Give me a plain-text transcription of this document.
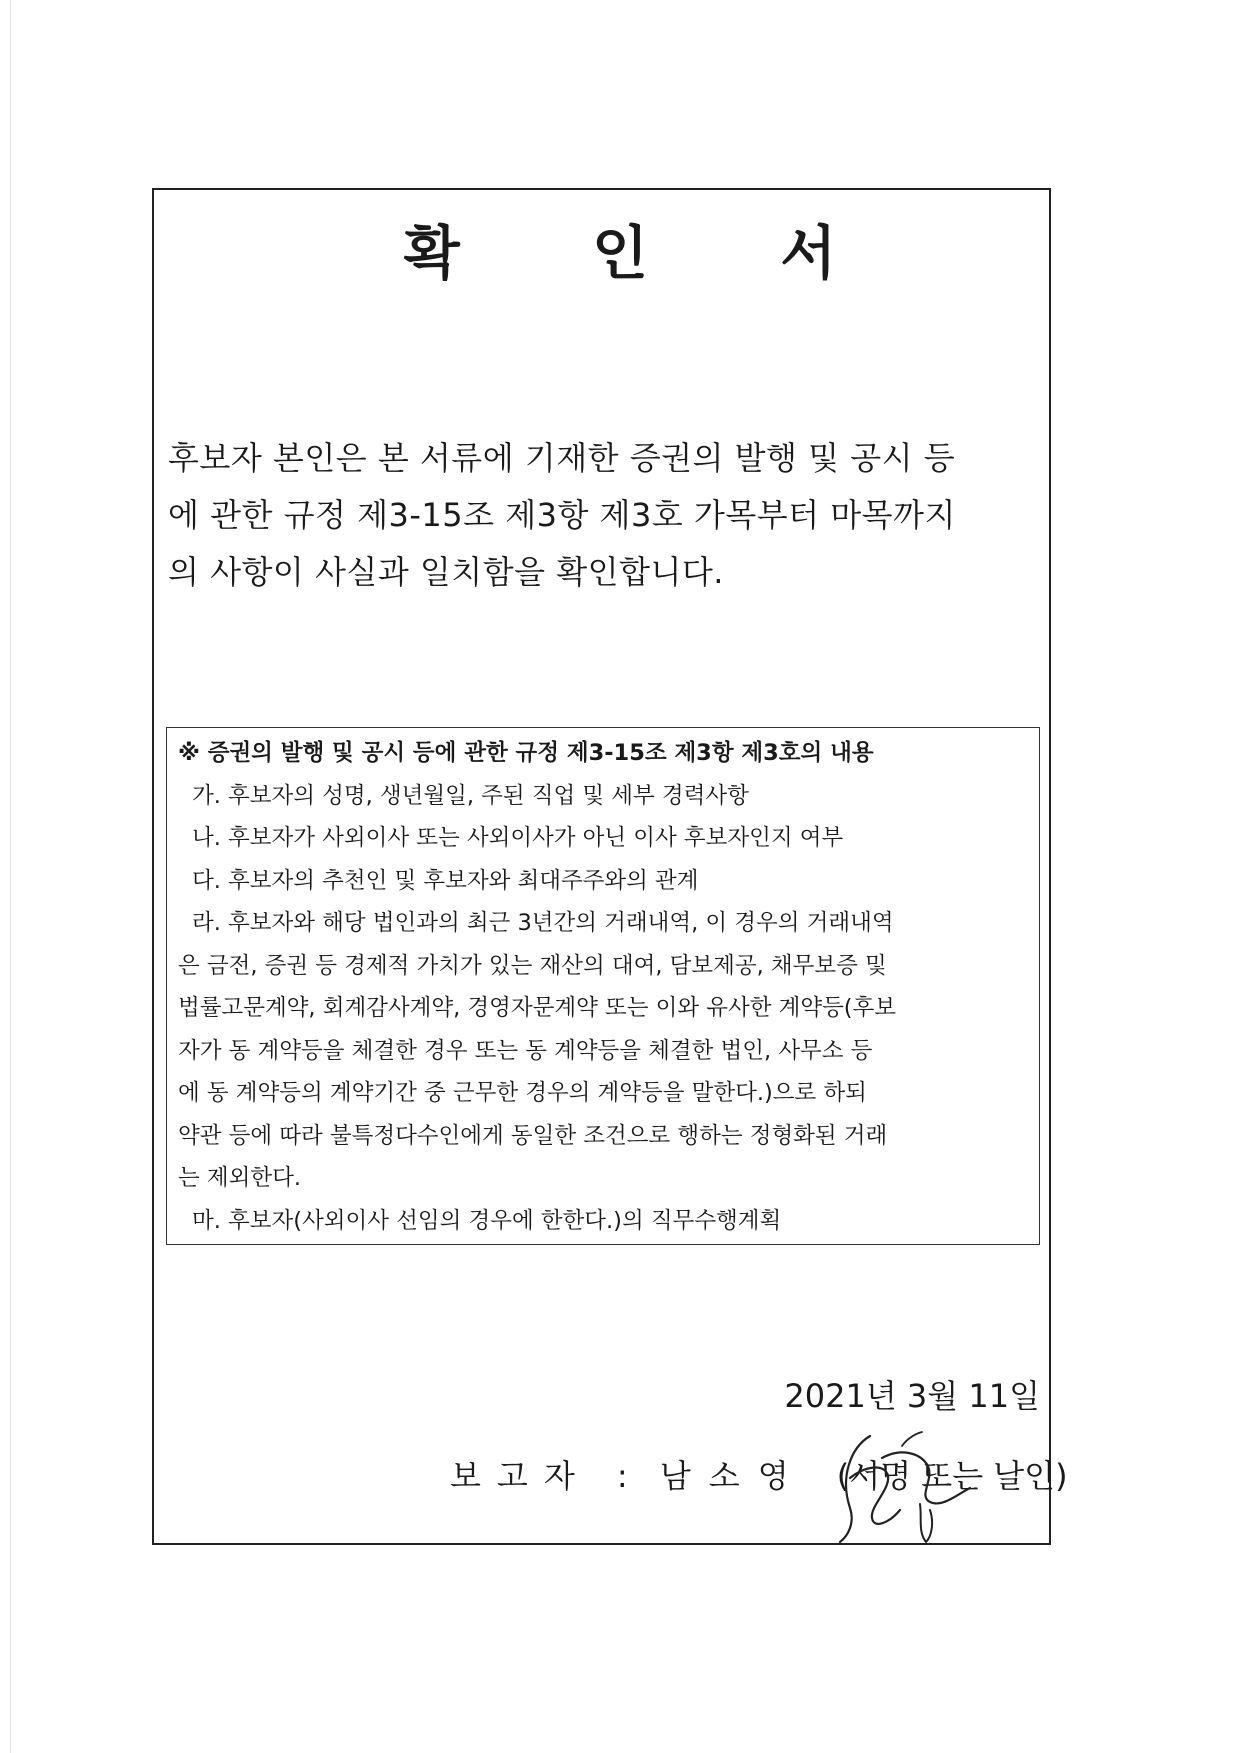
확 인 서
후보자 본인은 본 서류에 기재한 증권의 발행 및 공시 등
에 관한 규정 제3-15조 제3항 제3호 가목부터 마목까지
의 사항이 사실과 일치함을 확인합니다.
※ 증권의 발행 및 공시 등에 관한 규정 제3-15조 제3항 제3호의 내용
가. 후보자의 성명, 생년월일, 주된 직업 및 세부 경력사항
나. 후보자가 사외이사 또는 사외이사가 아닌 이사 후보자인지 여부
다. 후보자의 추천인 및 후보자와 최대주주와의 관계
라. 후보자와 해당 법인과의 최근 3년간의 거래내역, 이 경우의 거래내역
은 금전, 증권 등 경제적 가치가 있는 재산의 대여, 담보제공, 채무보증 및
법률고문계약, 회계감사계약, 경영자문계약 또는 이와 유사한 계약등(후보
자가 동 계약등을 체결한 경우 또는 동 계약등을 체결한 법인, 사무소 등
에 동 계약등의 계약기간 중 근무한 경우의 계약등을 말한다.)으로 하되
약관 등에 따라 불특정다수인에게 동일한 조건으로 행하는 정형화된 거래
는 제외한다.
마. 후보자(사외이사 선임의 경우에 한한다.)의 직무수행계획
2021년 3월 11일
보고자 : 남소영 (서명 또는 날인)
